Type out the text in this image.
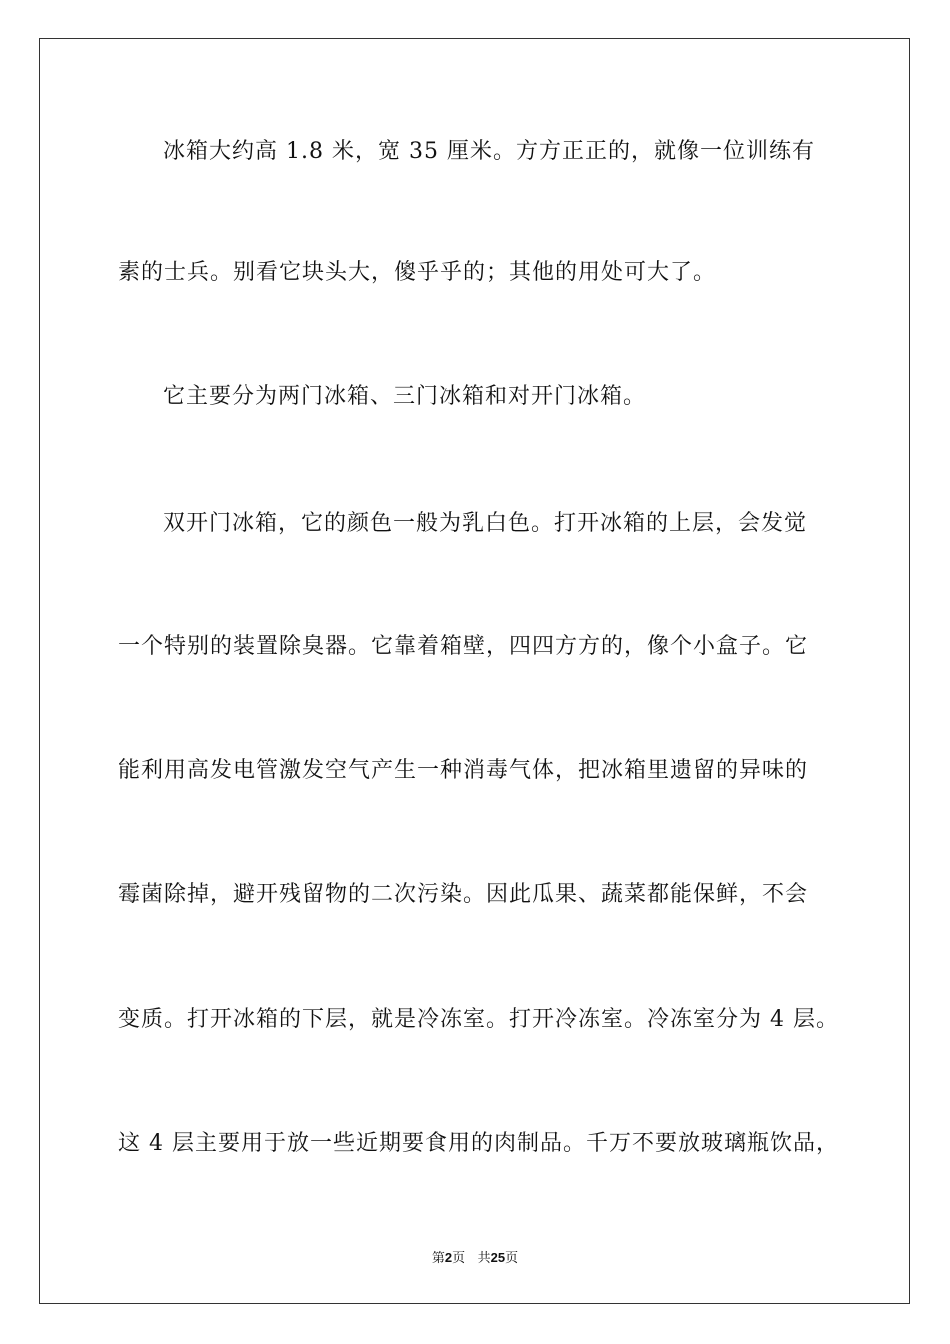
冰箱大约高 1.8 米，宽 35 厘米。方方正正的，就像一位训练有
素的士兵。别看它块头大，傻乎乎的；其他的用处可大了。
它主要分为两门冰箱、三门冰箱和对开门冰箱。
双开门冰箱，它的颜色一般为乳白色。打开冰箱的上层，会发觉
一个特别的装置除臭器。它靠着箱壁，四四方方的，像个小盒子。它
能利用高发电管激发空气产生一种消毒气体，把冰箱里遗留的异味的
霉菌除掉，避开残留物的二次污染。因此瓜果、蔬菜都能保鲜，不会
变质。打开冰箱的下层，就是冷冻室。打开冷冻室。冷冻室分为 4 层。
这 4 层主要用于放一些近期要食用的肉制品。千万不要放玻璃瓶饮品，
第2页 共25页
